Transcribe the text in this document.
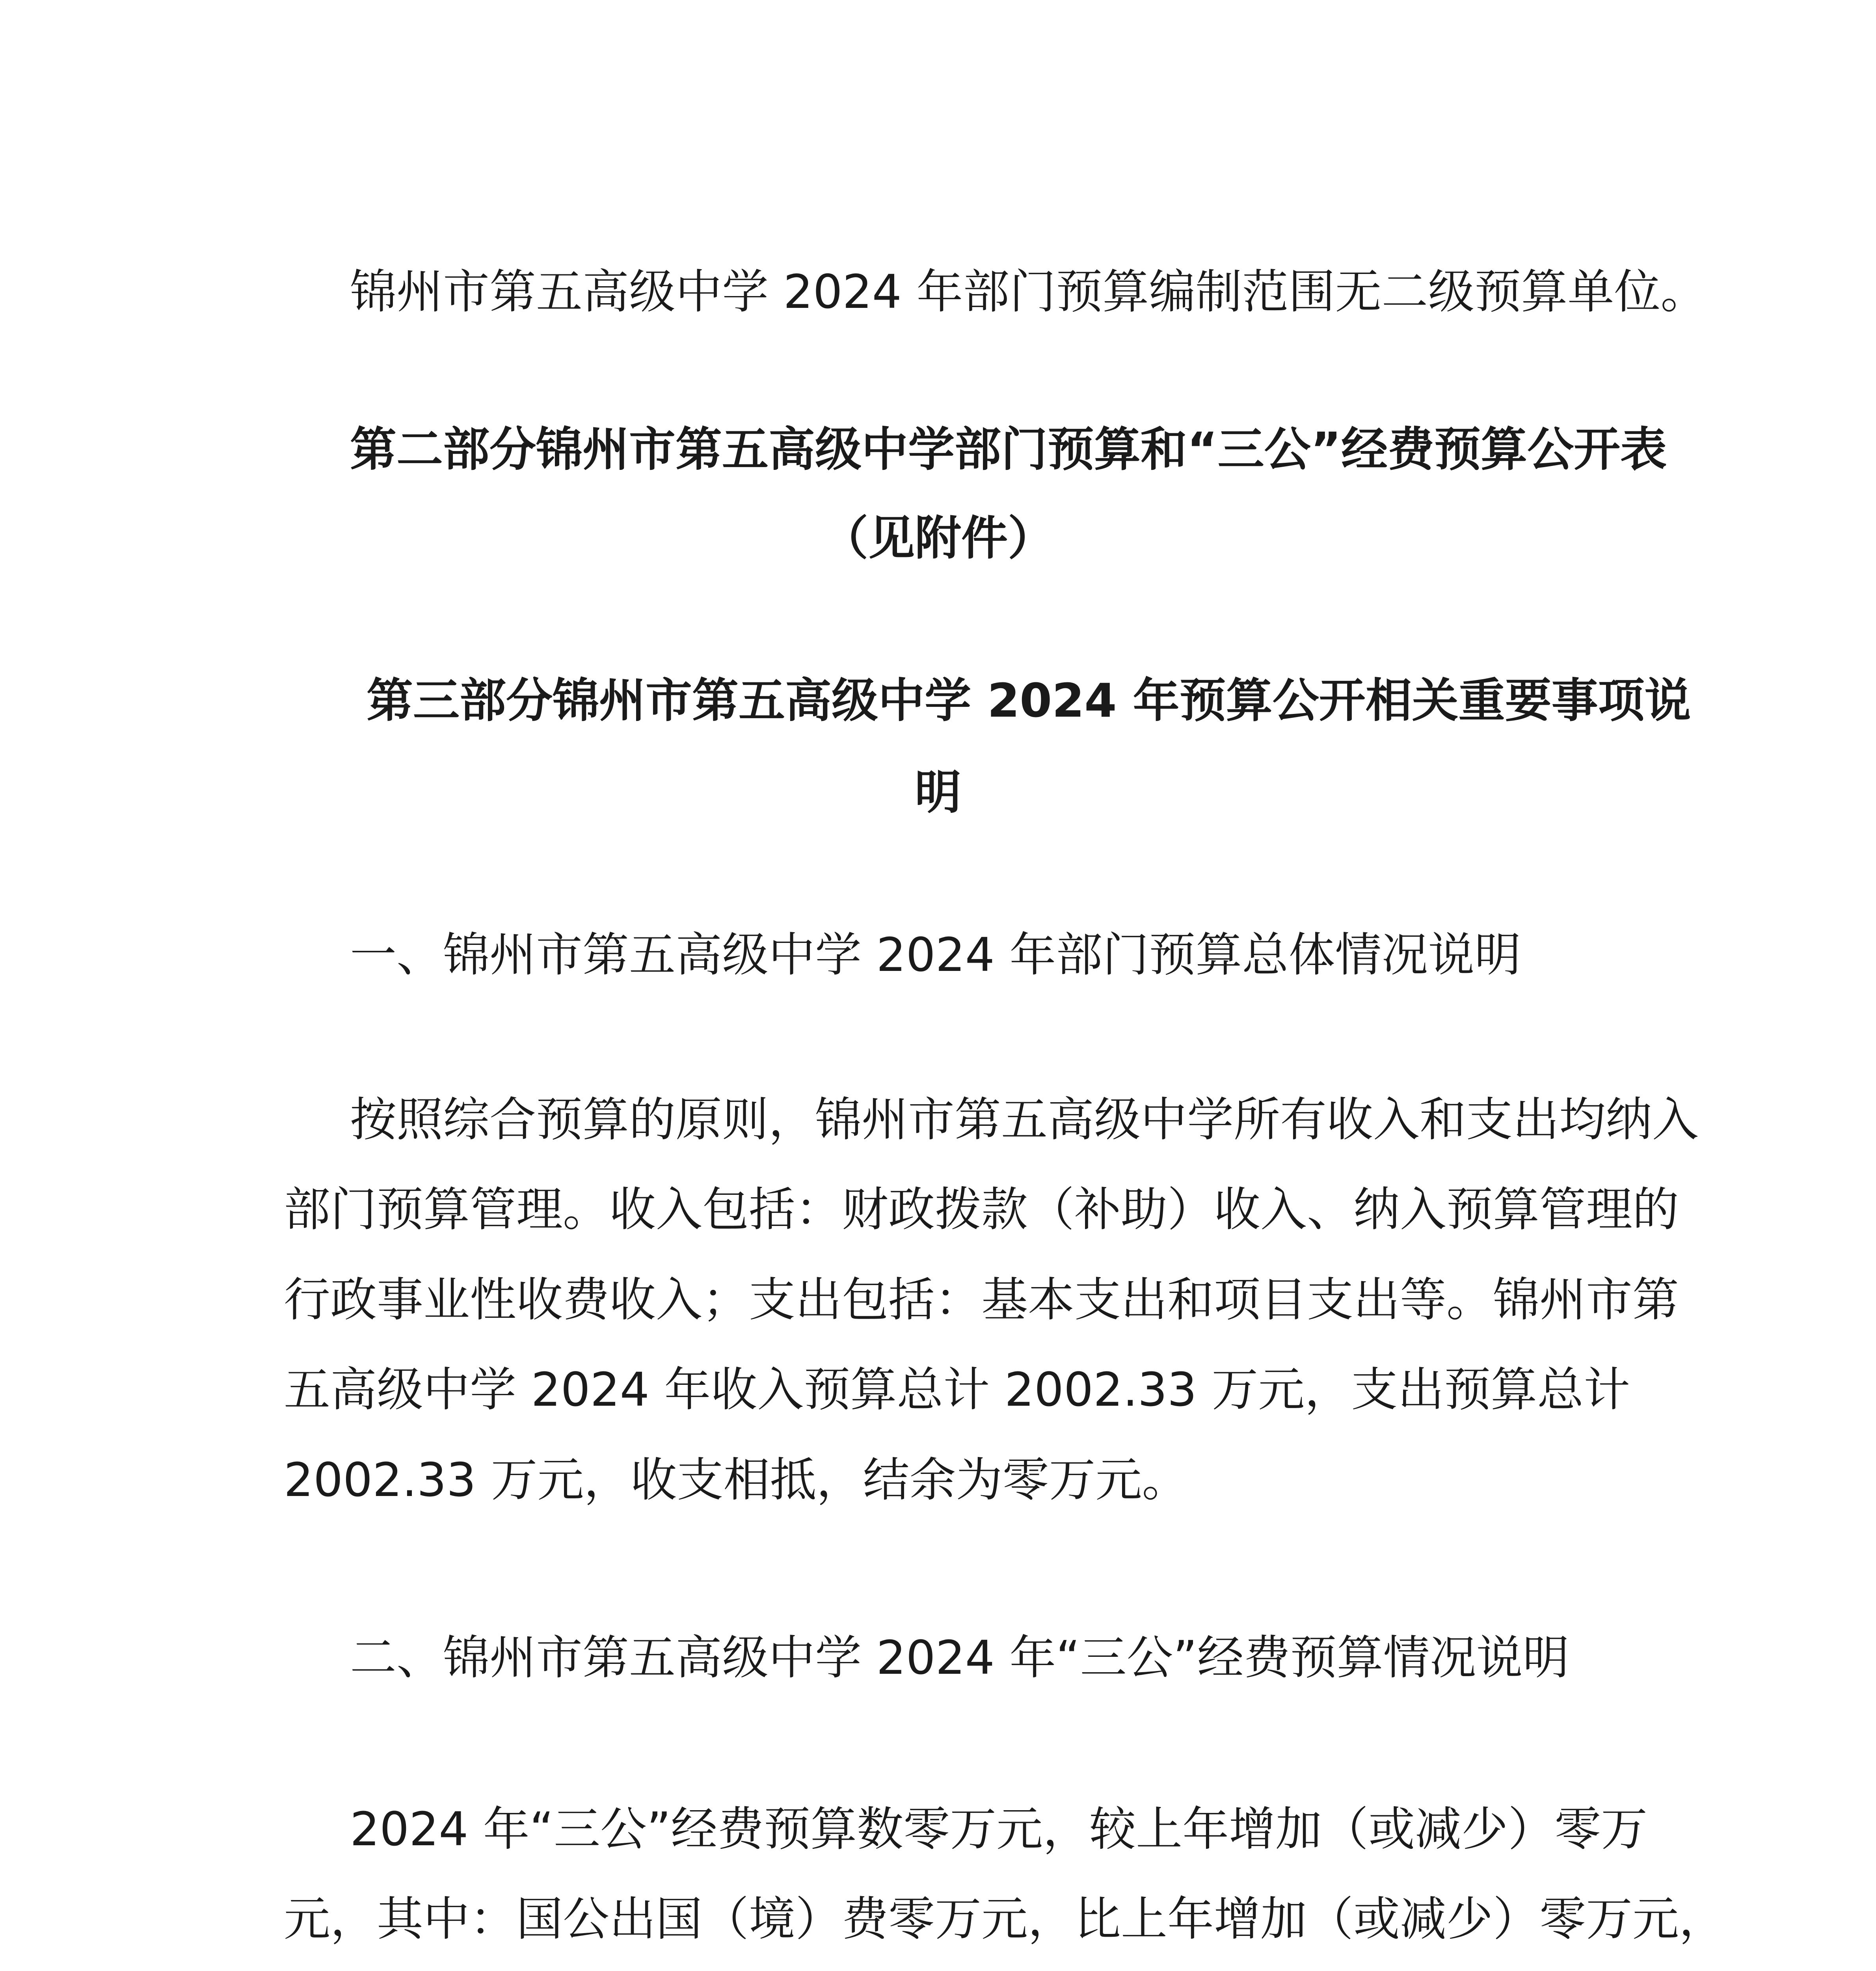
锦州市第五高级中学 2024 年部门预算编制范围无二级预算单位。
第二部分锦州市第五高级中学部门预算和“三公”经费预算公开表
（见附件）
第三部分锦州市第五高级中学 2024 年预算公开相关重要事项说
明
一、锦州市第五高级中学 2024 年部门预算总体情况说明
按照综合预算的原则，锦州市第五高级中学所有收入和支出均纳入
部门预算管理。收入包括：财政拨款（补助）收入、纳入预算管理的
行政事业性收费收入；支出包括：基本支出和项目支出等。锦州市第
五高级中学 2024 年收入预算总计 2002.33 万元，支出预算总计
2002.33 万元，收支相抵，结余为零万元。
二、锦州市第五高级中学 2024 年“三公”经费预算情况说明
2024 年“三公”经费预算数零万元，较上年增加（或减少）零万
元，其中：国公出国（境）费零万元，比上年增加（或减少）零万元，
